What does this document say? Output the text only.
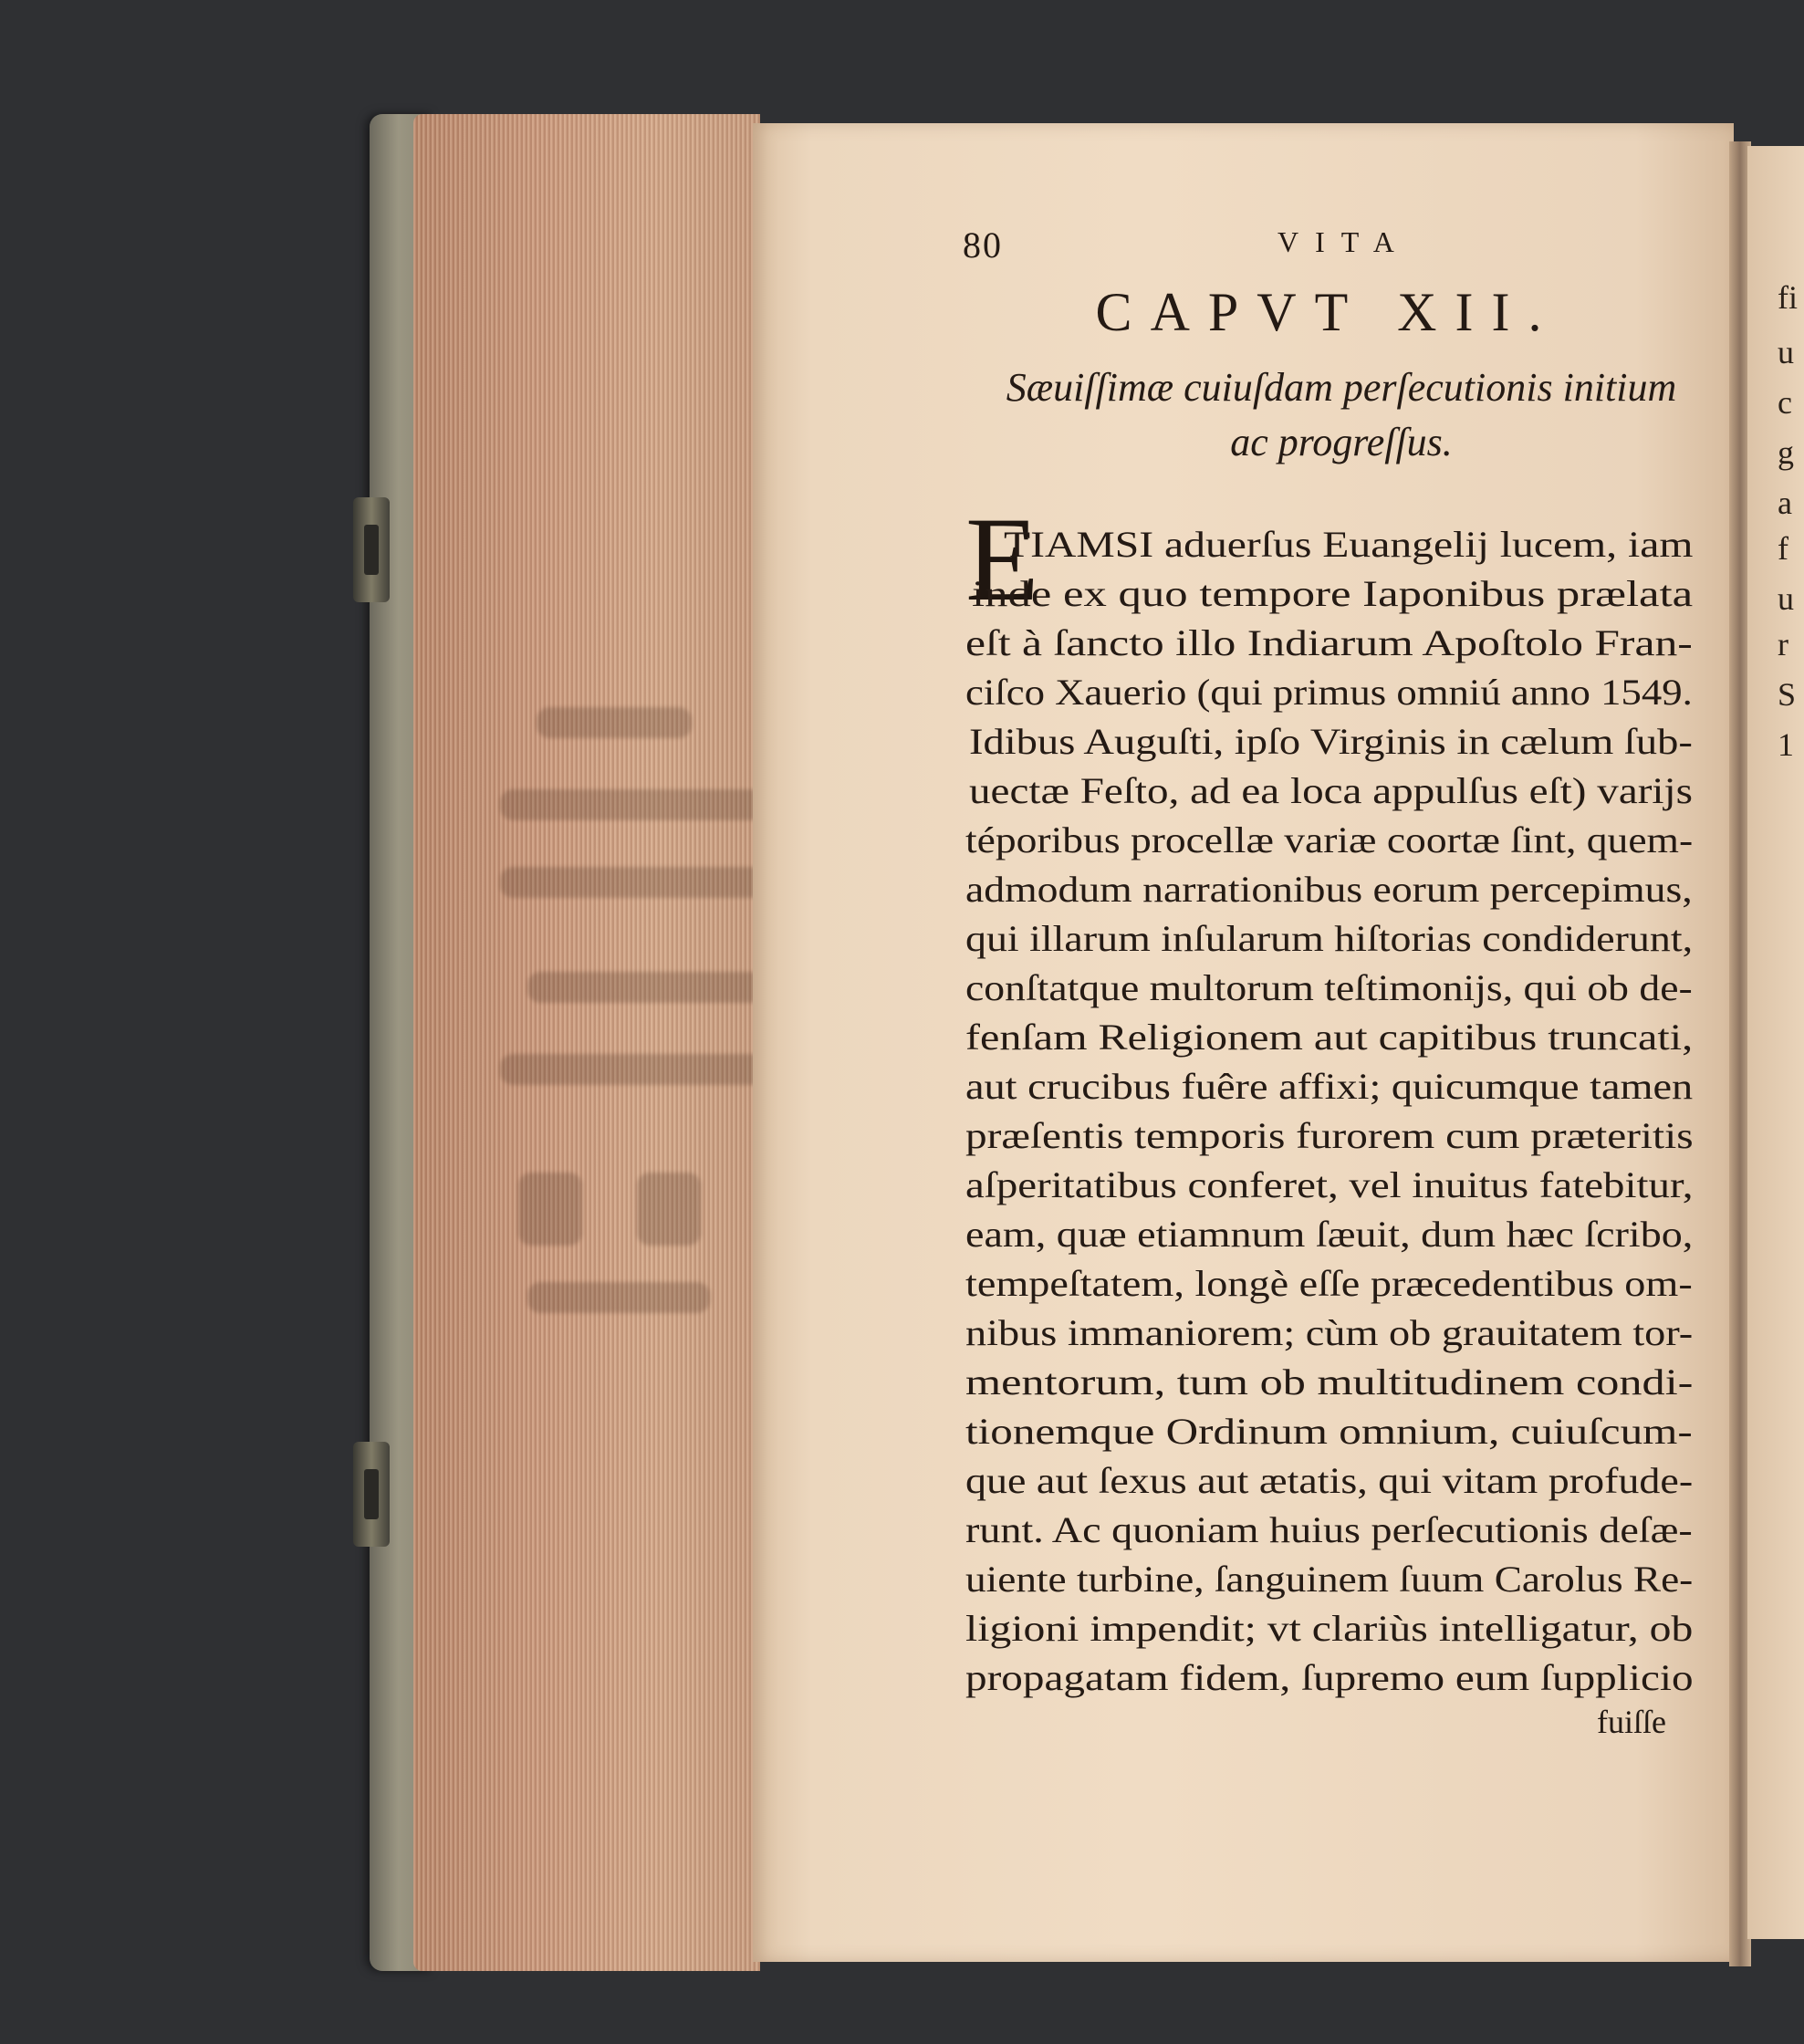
80	VITA
CAPVT XII.
Sæuiſſimæ cuiuſdam perſecutionis initium
ac progreſſus.
E
TIAMSI aduerſus Euangelij lucem, iam
inde ex quo tempore Iaponibus prælata
eſt à ſancto illo Indiarum Apoſtolo Fran-
ciſco Xauerio (qui primus omniú anno 1549.
Idibus Auguſti, ipſo Virginis in cælum ſub-
uectæ Feſto, ad ea loca appulſus eſt) varijs
téporibus procellæ variæ coortæ ſint, quem-
admodum narrationibus eorum percepimus,
qui illarum inſularum hiſtorias condiderunt,
conſtatque multorum teſtimonijs, qui ob de-
fenſam Religionem aut capitibus truncati,
aut crucibus fuêre affixi; quicumque tamen
præſentis temporis furorem cum præteritis
aſperitatibus conferet, vel inuitus fatebitur,
eam, quæ etiamnum ſæuit, dum hæc ſcribo,
tempeſtatem, longè eſſe præcedentibus om-
nibus immaniorem; cùm ob grauitatem tor-
mentorum, tum ob multitudinem condi-
tionemque Ordinum omnium, cuiuſcum-
que aut ſexus aut ætatis, qui vitam profude-
runt. Ac quoniam huius perſecutionis deſæ-
uiente turbine, ſanguinem ſuum Carolus Re-
ligioni impendit; vt clariùs intelligatur, ob
propagatam fidem, ſupremo eum ſupplicio
fuiſſe
fi
u
c
g
a
f
u
r
S
1
